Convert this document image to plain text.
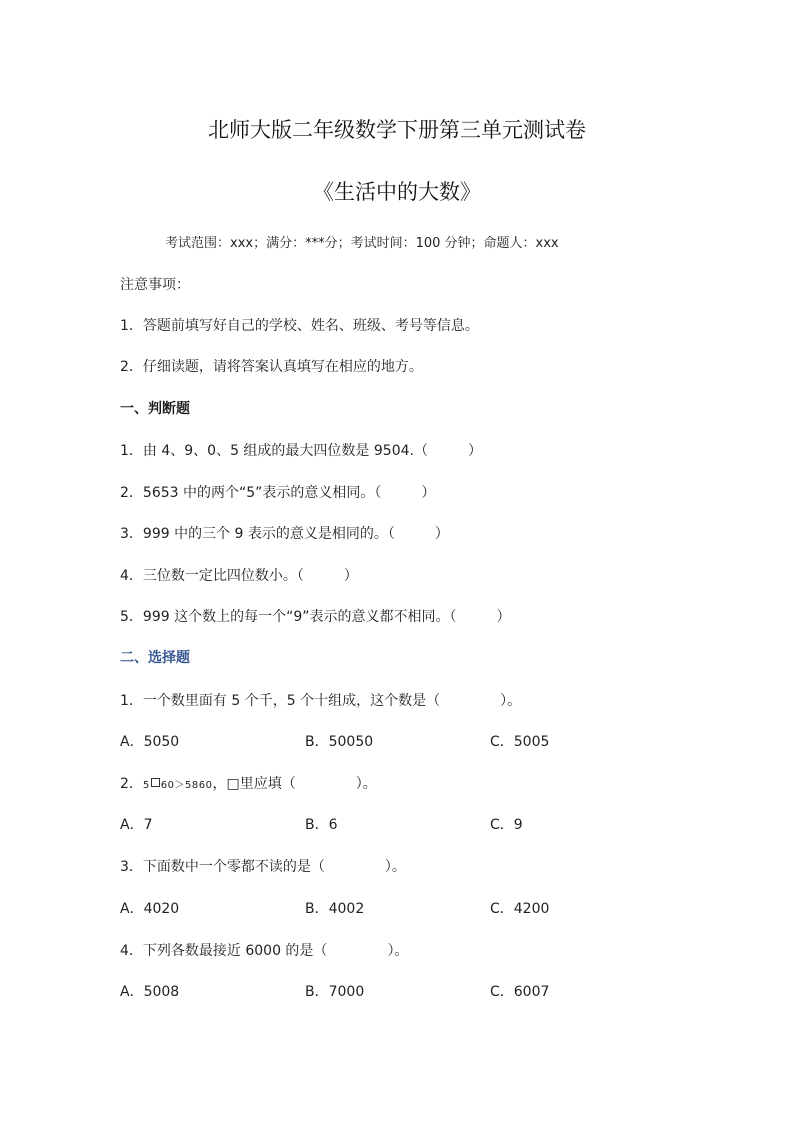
北师大版二年级数学下册第三单元测试卷
《生活中的大数》
考试范围：xxx；满分：***分；考试时间：100 分钟；命题人：xxx
注意事项：
1．答题前填写好自己的学校、姓名、班级、考号等信息。
2．仔细读题，请将答案认真填写在相应的地方。
一、判断题
1．由 4、9、0、5 组成的最大四位数是 9504.（	）
2．5653 中的两个“5”表示的意义相同。（	）
3．999 中的三个 9 表示的意义是相同的。（	）
4．三位数一定比四位数小。（	）
5．999 这个数上的每一个“9”表示的意义都不相同。（	）
二、选择题
1．一个数里面有 5 个千，5 个十组成，这个数是（	）。
A．5050	B．50050	C．5005
2．5 60＞5860，□里应填（	）。
A．7	B．6	C．9
3．下面数中一个零都不读的是（	）。
A．4020	B．4002	C．4200
4．下列各数最接近 6000 的是（	）。
A．5008	B．7000	C．6007
